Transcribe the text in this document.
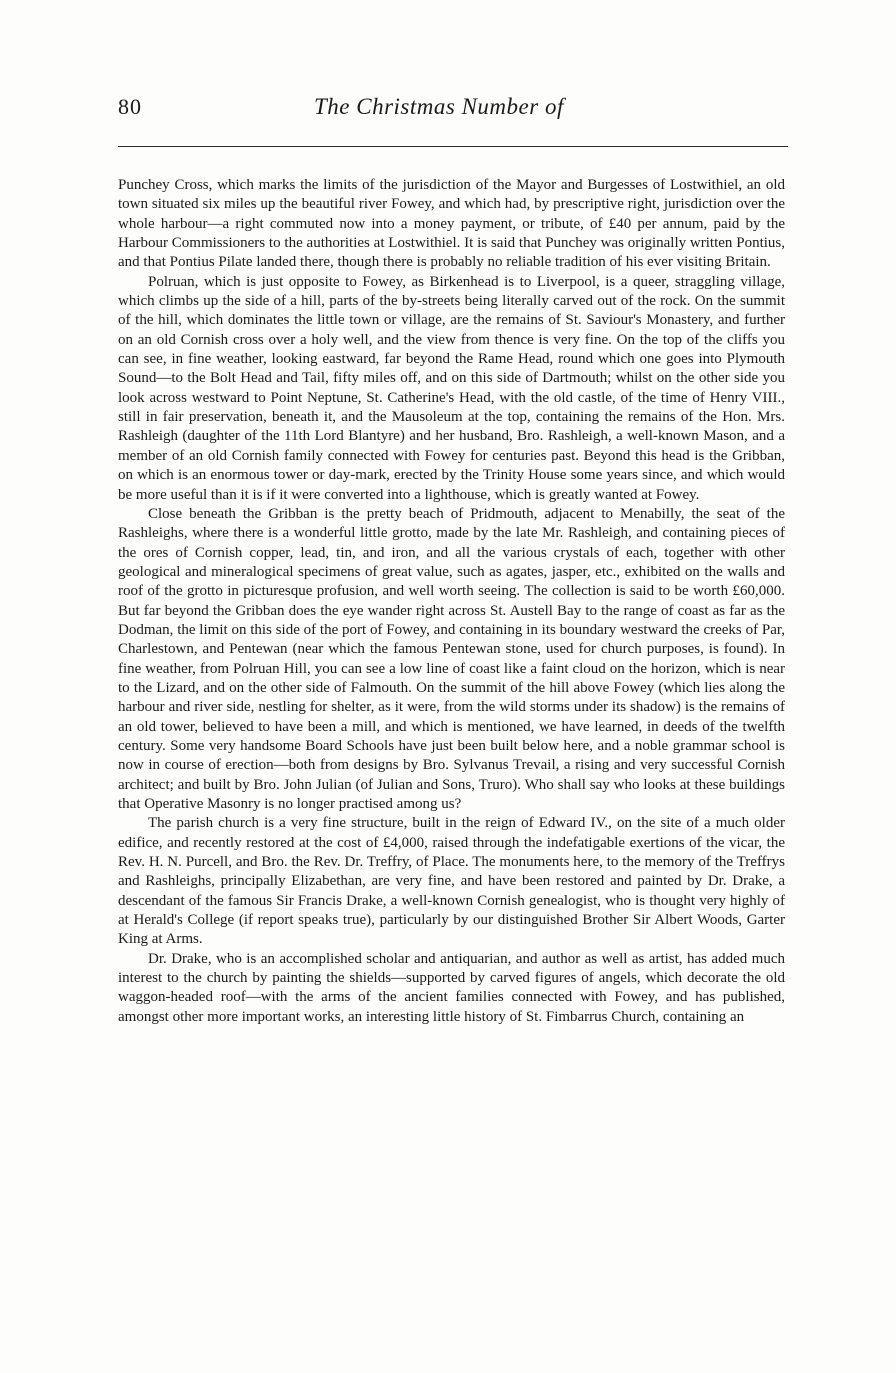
80	The Christmas Number of

Punchey Cross, which marks the limits of the jurisdiction of the Mayor and Burgesses of Lostwithiel, an old town situated six miles up the beautiful river Fowey, and which had, by prescriptive right, jurisdiction over the whole harbour—a right commuted now into a money payment, or tribute, of £40 per annum, paid by the Harbour Commissioners to the authorities at Lostwithiel. It is said that Punchey was originally written Pontius, and that Pontius Pilate landed there, though there is probably no reliable tradition of his ever visiting Britain.

Polruan, which is just opposite to Fowey, as Birkenhead is to Liverpool, is a queer, straggling village, which climbs up the side of a hill, parts of the by-streets being literally carved out of the rock. On the summit of the hill, which dominates the little town or village, are the remains of St. Saviour's Monastery, and further on an old Cornish cross over a holy well, and the view from thence is very fine. On the top of the cliffs you can see, in fine weather, looking eastward, far beyond the Rame Head, round which one goes into Plymouth Sound—to the Bolt Head and Tail, fifty miles off, and on this side of Dartmouth; whilst on the other side you look across westward to Point Neptune, St. Catherine's Head, with the old castle, of the time of Henry VIII., still in fair preservation, beneath it, and the Mausoleum at the top, containing the remains of the Hon. Mrs. Rashleigh (daughter of the 11th Lord Blantyre) and her husband, Bro. Rashleigh, a well-known Mason, and a member of an old Cornish family connected with Fowey for centuries past. Beyond this head is the Gribban, on which is an enormous tower or day-mark, erected by the Trinity House some years since, and which would be more useful than it is if it were converted into a lighthouse, which is greatly wanted at Fowey.

Close beneath the Gribban is the pretty beach of Pridmouth, adjacent to Menabilly, the seat of the Rashleighs, where there is a wonderful little grotto, made by the late Mr. Rashleigh, and containing pieces of the ores of Cornish copper, lead, tin, and iron, and all the various crystals of each, together with other geological and mineralogical specimens of great value, such as agates, jasper, etc., exhibited on the walls and roof of the grotto in picturesque profusion, and well worth seeing. The collection is said to be worth £60,000. But far beyond the Gribban does the eye wander right across St. Austell Bay to the range of coast as far as the Dodman, the limit on this side of the port of Fowey, and containing in its boundary westward the creeks of Par, Charlestown, and Pentewan (near which the famous Pentewan stone, used for church purposes, is found). In fine weather, from Polruan Hill, you can see a low line of coast like a faint cloud on the horizon, which is near to the Lizard, and on the other side of Falmouth. On the summit of the hill above Fowey (which lies along the harbour and river side, nestling for shelter, as it were, from the wild storms under its shadow) is the remains of an old tower, believed to have been a mill, and which is mentioned, we have learned, in deeds of the twelfth century. Some very handsome Board Schools have just been built below here, and a noble grammar school is now in course of erection—both from designs by Bro. Sylvanus Trevail, a rising and very successful Cornish architect; and built by Bro. John Julian (of Julian and Sons, Truro). Who shall say who looks at these buildings that Operative Masonry is no longer practised among us?

The parish church is a very fine structure, built in the reign of Edward IV., on the site of a much older edifice, and recently restored at the cost of £4,000, raised through the indefatigable exertions of the vicar, the Rev. H. N. Purcell, and Bro. the Rev. Dr. Treffry, of Place. The monuments here, to the memory of the Treffrys and Rashleighs, principally Elizabethan, are very fine, and have been restored and painted by Dr. Drake, a descendant of the famous Sir Francis Drake, a well-known Cornish genealogist, who is thought very highly of at Herald's College (if report speaks true), particularly by our distinguished Brother Sir Albert Woods, Garter King at Arms.

Dr. Drake, who is an accomplished scholar and antiquarian, and author as well as artist, has added much interest to the church by painting the shields—supported by carved figures of angels, which decorate the old waggon-headed roof—with the arms of the ancient families connected with Fowey, and has published, amongst other more important works, an interesting little history of St. Fimbarrus Church, containing an
